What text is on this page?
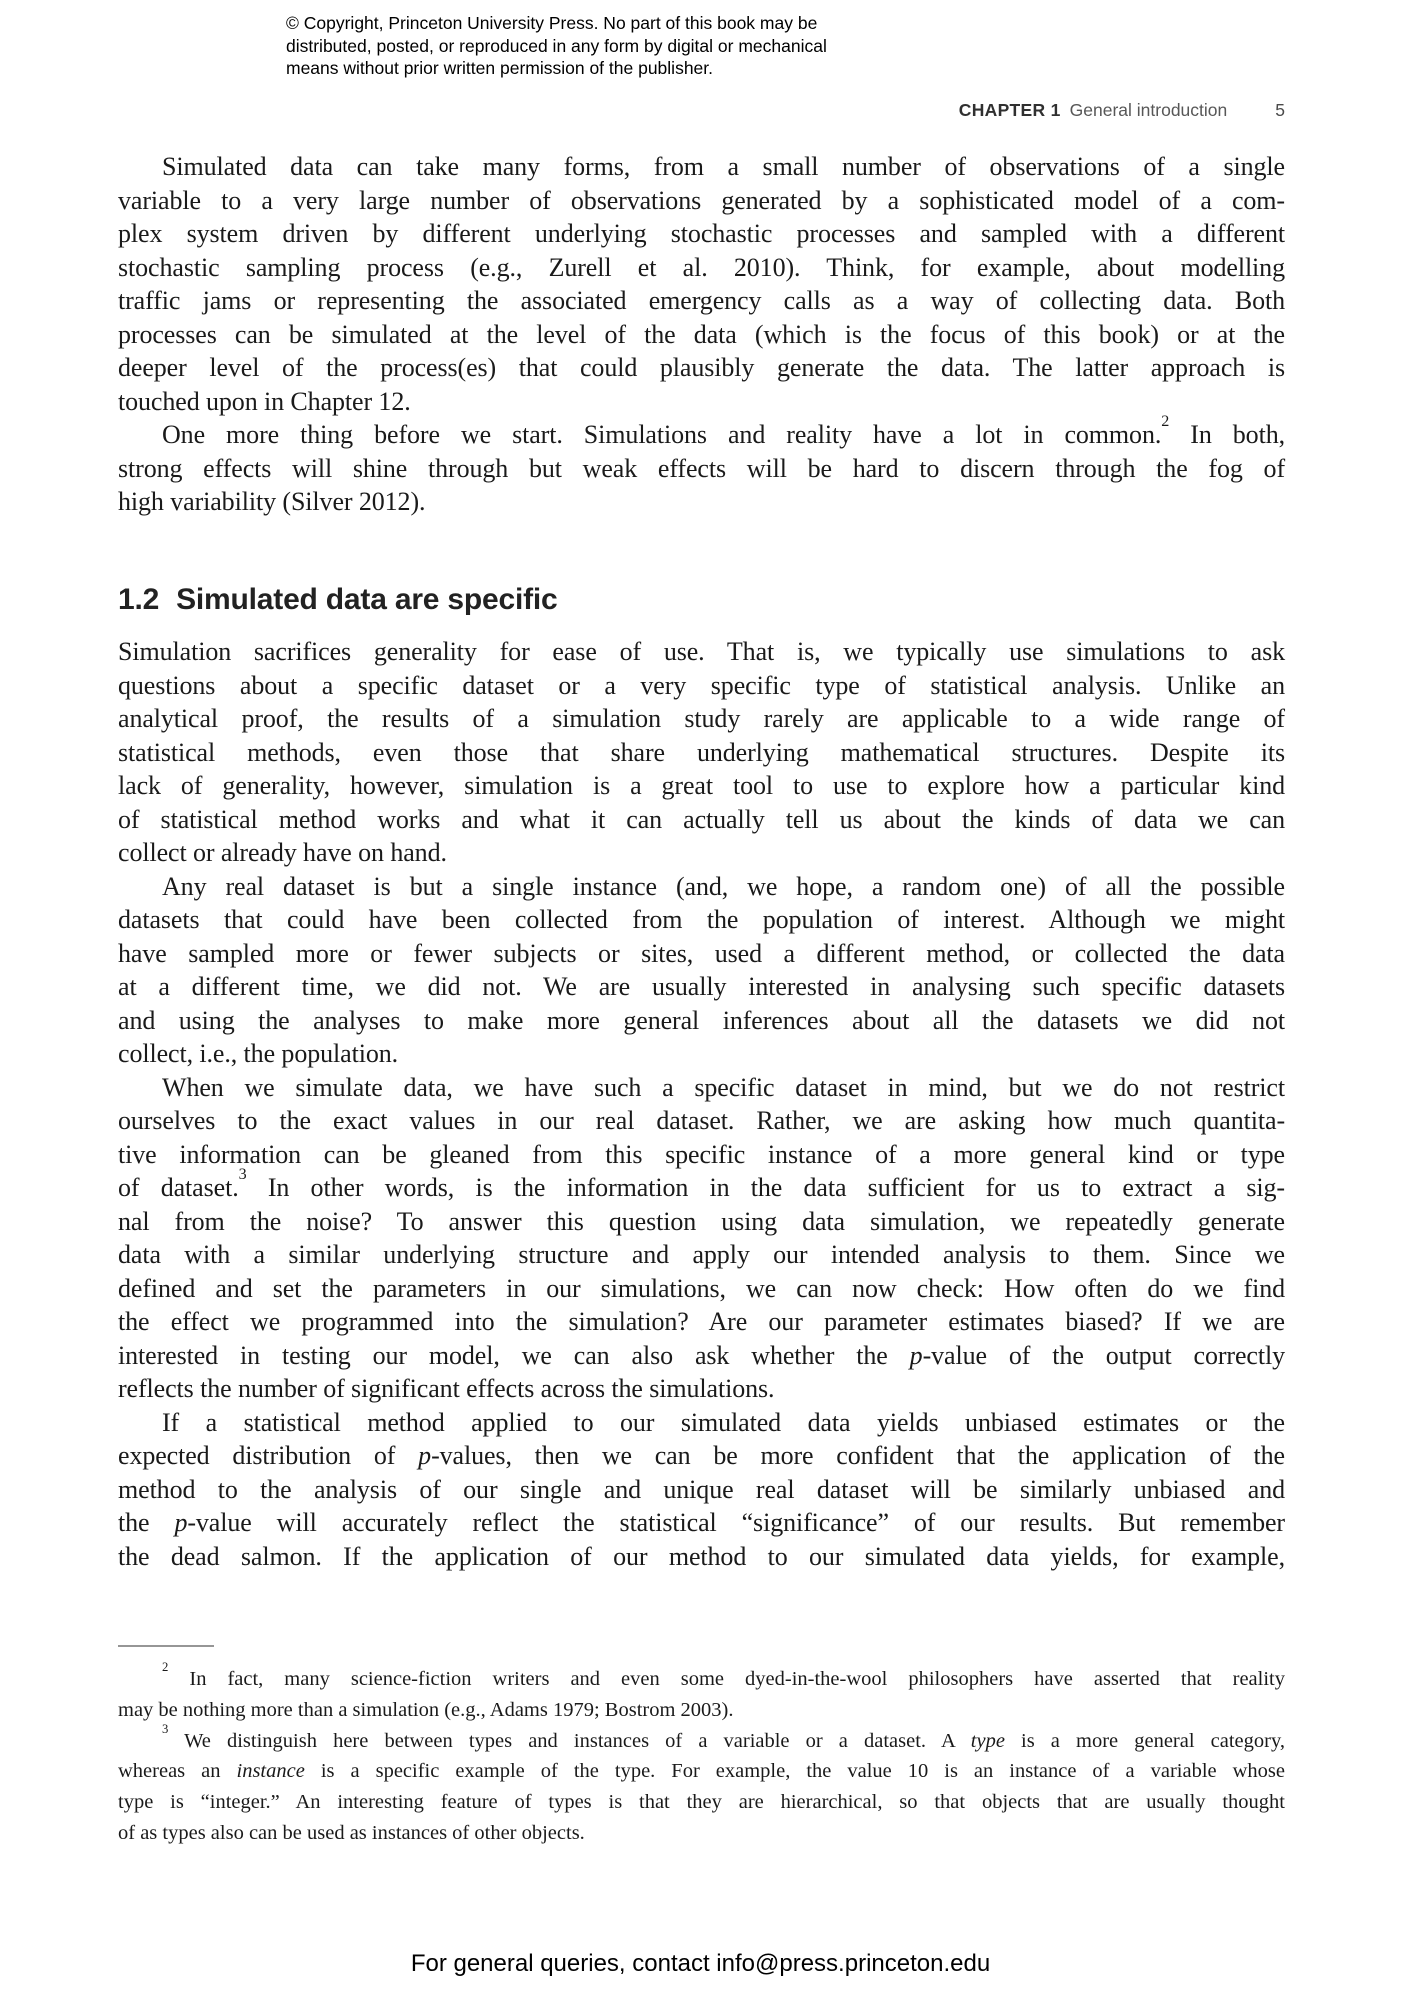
© Copyright, Princeton University Press. No part of this book may be
distributed, posted, or reproduced in any form by digital or mechanical
means without prior written permission of the publisher.
CHAPTER 1 General introduction	5
Simulated data can take many forms, from a small number of observations of a single
variable to a very large number of observations generated by a sophisticated model of a com-
plex system driven by different underlying stochastic processes and sampled with a different
stochastic sampling process (e.g., Zurell et al. 2010). Think, for example, about modelling
traffic jams or representing the associated emergency calls as a way of collecting data. Both
processes can be simulated at the level of the data (which is the focus of this book) or at the
deeper level of the process(es) that could plausibly generate the data. The latter approach is
touched upon in Chapter 12.
One more thing before we start. Simulations and reality have a lot in common.$^2$ In both,
strong effects will shine through but weak effects will be hard to discern through the fog of
high variability (Silver 2012).
1.2 Simulated data are specific
Simulation sacrifices generality for ease of use. That is, we typically use simulations to ask
questions about a specific dataset or a very specific type of statistical analysis. Unlike an
analytical proof, the results of a simulation study rarely are applicable to a wide range of
statistical methods, even those that share underlying mathematical structures. Despite its
lack of generality, however, simulation is a great tool to use to explore how a particular kind
of statistical method works and what it can actually tell us about the kinds of data we can
collect or already have on hand.
Any real dataset is but a single instance (and, we hope, a random one) of all the possible
datasets that could have been collected from the population of interest. Although we might
have sampled more or fewer subjects or sites, used a different method, or collected the data
at a different time, we did not. We are usually interested in analysing such specific datasets
and using the analyses to make more general inferences about all the datasets we did not
collect, i.e., the population.
When we simulate data, we have such a specific dataset in mind, but we do not restrict
ourselves to the exact values in our real dataset. Rather, we are asking how much quantita-
tive information can be gleaned from this specific instance of a more general kind or type
of dataset.$^3$ In other words, is the information in the data sufficient for us to extract a sig-
nal from the noise? To answer this question using data simulation, we repeatedly generate
data with a similar underlying structure and apply our intended analysis to them. Since we
defined and set the parameters in our simulations, we can now check: How often do we find
the effect we programmed into the simulation? Are our parameter estimates biased? If we are
interested in testing our model, we can also ask whether the p-value of the output correctly
reflects the number of significant effects across the simulations.
If a statistical method applied to our simulated data yields unbiased estimates or the
expected distribution of p-values, then we can be more confident that the application of the
method to the analysis of our single and unique real dataset will be similarly unbiased and
the p-value will accurately reflect the statistical “significance” of our results. But remember
the dead salmon. If the application of our method to our simulated data yields, for example,
$^2$ In fact, many science-fiction writers and even some dyed-in-the-wool philosophers have asserted that reality
may be nothing more than a simulation (e.g., Adams 1979; Bostrom 2003).
$^3$ We distinguish here between types and instances of a variable or a dataset. A type is a more general category,
whereas an instance is a specific example of the type. For example, the value 10 is an instance of a variable whose
type is “integer.” An interesting feature of types is that they are hierarchical, so that objects that are usually thought
of as types also can be used as instances of other objects.
For general queries, contact info@press.princeton.edu
